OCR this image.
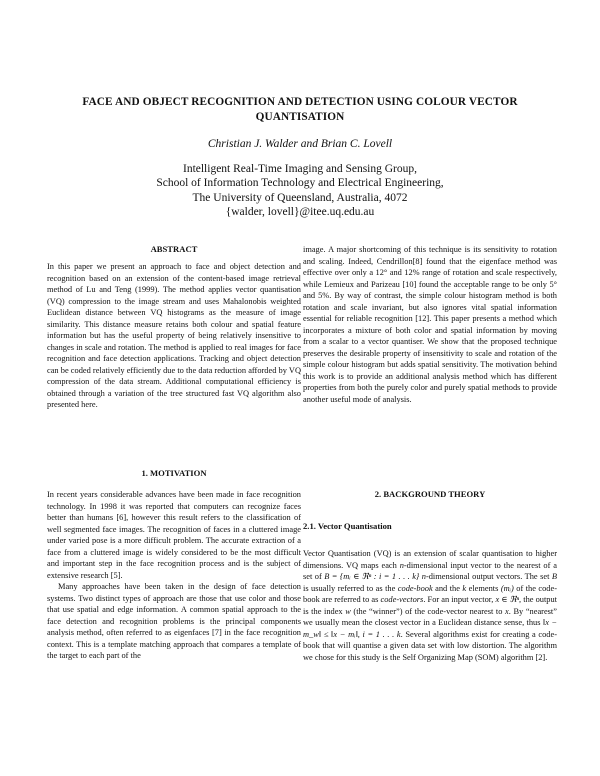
FACE AND OBJECT RECOGNITION AND DETECTION USING COLOUR VECTOR
QUANTISATION
Christian J. Walder and Brian C. Lovell
Intelligent Real-Time Imaging and Sensing Group,
School of Information Technology and Electrical Engineering,
The University of Queensland, Australia, 4072
{walder, lovell}@itee.uq.edu.au
ABSTRACT

In this paper we present an approach to face and object detection and recognition based on an extension of the content-based image retrieval method of Lu and Teng (1999). The method applies vector quantisation (VQ) compression to the image stream and uses Mahalonobis weighted Euclidean distance between VQ histograms as the measure of image similarity. This distance measure retains both colour and spatial feature information but has the useful property of being relatively insensitive to changes in scale and rotation. The method is applied to real images for face recognition and face detection applications. Tracking and object detection can be coded relatively efficiently due to the data reduction afforded by VQ compression of the data stream. Additional computational efficiency is obtained through a variation of the tree structured fast VQ algorithm also presented here.

1. MOTIVATION

In recent years considerable advances have been made in face recognition technology. In 1998 it was reported that computers can recognize faces better than humans [6], however this result refers to the classification of well segmented face images. The recognition of faces in a cluttered image under varied pose is a more difficult problem. The accurate extraction of a face from a cluttered image is widely considered to be the most difficult and important step in the face recognition process and is the subject of extensive research [5].

Many approaches have been taken in the design of face detection systems. Two distinct types of approach are those that use color and those that use spatial and edge information. A common spatial approach to the face detection and recognition problems is the principal components analysis method, often referred to as eigenfaces [7] in the face recognition context. This is a template matching approach that compares a template of the target to each part of the

image. A major shortcoming of this technique is its sensitivity to rotation and scaling. Indeed, Cendrillon[8] found that the eigenface method was effective over only a 12° and 12% range of rotation and scale respectively, while Lemieux and Parizeau [10] found the acceptable range to be only 5° and 5%. By way of contrast, the simple colour histogram method is both rotation and scale invariant, but also ignores vital spatial information essential for reliable recognition [12]. This paper presents a method which incorporates a mixture of both color and spatial information by moving from a scalar to a vector quantiser. We show that the proposed technique preserves the desirable property of insensitivity to scale and rotation of the simple colour histogram but adds spatial sensitivity. The motivation behind this work is to provide an additional analysis method which has different properties from both the purely color and purely spatial methods to provide another useful mode of analysis.

2. BACKGROUND THEORY
2.1. Vector Quantisation

Vector Quantisation (VQ) is an extension of scalar quantisation to higher dimensions. VQ maps each n-dimensional input vector to the nearest of a set of B = {mᵢ ∈ ℜⁿ : i = 1 . . . k} n-dimensional output vectors. The set B is usually referred to as the code-book and the k elements (mᵢ) of the code-book are referred to as code-vectors. For an input vector, x ∈ ℜⁿ, the output is the index w (the “winner”) of the code-vector nearest to x. By “nearest” we usually mean the closest vector in a Euclidean distance sense, thus ‖x − m_w‖ ≤ ‖x − mᵢ‖, i = 1 . . . k. Several algorithms exist for creating a code-book that will quantise a given data set with low distortion. The algorithm we chose for this study is the Self Organizing Map (SOM) algorithm [2].
